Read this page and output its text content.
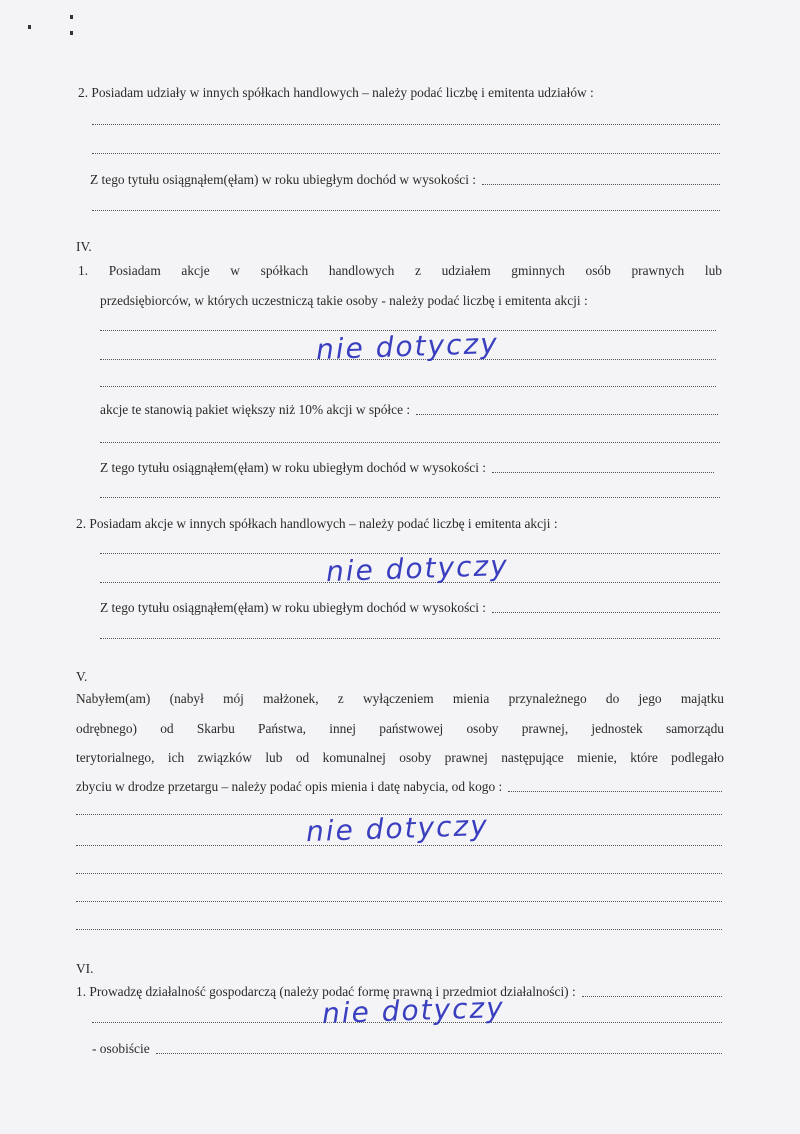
2. Posiadam udziały w innych spółkach handlowych – należy podać liczbę i emitenta udziałów :
Z tego tytułu osiągnąłem(ęłam) w roku ubiegłym dochód w wysokości :
IV.
1. Posiadam akcje w spółkach handlowych z udziałem gminnych osób prawnych lub
przedsiębiorców, w których uczestniczą takie osoby - należy podać liczbę i emitenta akcji :
nie dotyczy
akcje te stanowią pakiet większy niż 10% akcji w spółce :
Z tego tytułu osiągnąłem(ęłam) w roku ubiegłym dochód w wysokości :
2. Posiadam akcje w innych spółkach handlowych – należy podać liczbę i emitenta akcji :
nie dotyczy
Z tego tytułu osiągnąłem(ęłam) w roku ubiegłym dochód w wysokości :
V.
Nabyłem(am) (nabył mój małżonek, z wyłączeniem mienia przynależnego do jego majątku
odrębnego) od Skarbu Państwa, innej państwowej osoby prawnej, jednostek samorządu
terytorialnego, ich związków lub od komunalnej osoby prawnej następujące mienie, które podlegało
zbyciu w drodze przetargu – należy podać opis mienia i datę nabycia, od kogo :
nie dotyczy
VI.
1. Prowadzę działalność gospodarczą (należy podać formę prawną i przedmiot działalności) :
nie dotyczy
- osobiście
